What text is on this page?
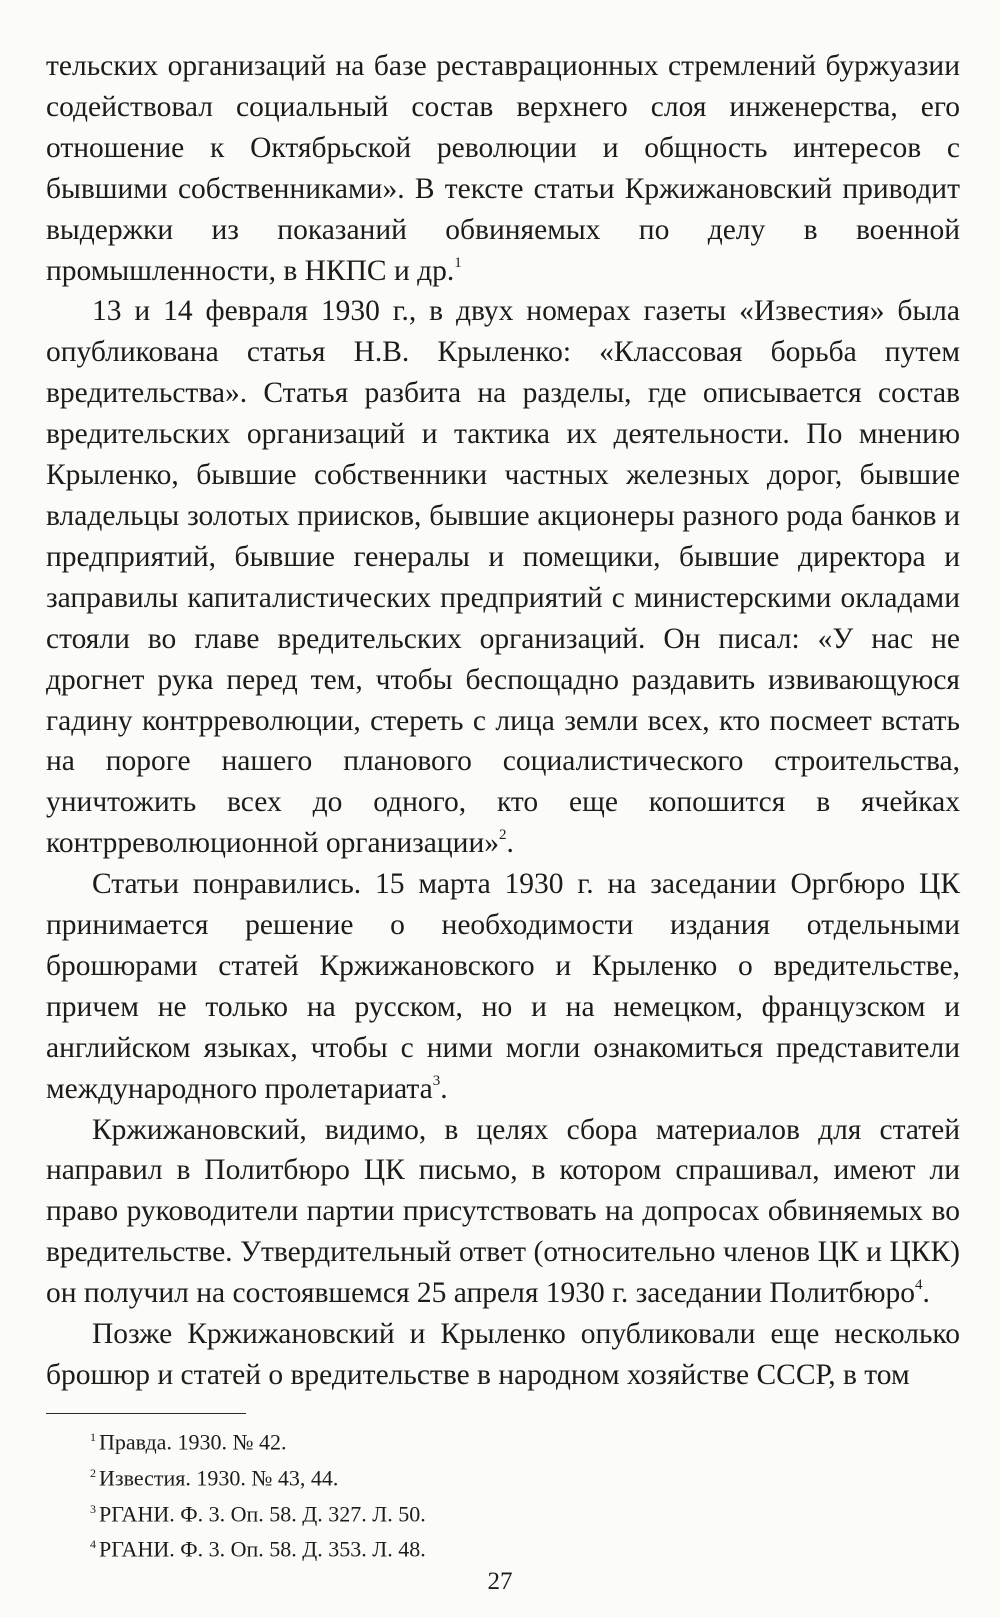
тельских организаций на базе реставрационных стремлений буржуазии содействовал социальный состав верхнего слоя инженерства, его отношение к Октябрьской революции и общность интересов с бывшими собственниками». В тексте статьи Кржижановский приводит выдержки из показаний обвиняемых по делу в военной промышленности, в НКПС и др.$^1$

13 и 14 февраля 1930 г., в двух номерах газеты «Известия» была опубликована статья Н.В. Крыленко: «Классовая борьба путем вредительства». Статья разбита на разделы, где описывается состав вредительских организаций и тактика их деятельности. По мнению Крыленко, бывшие собственники частных железных дорог, бывшие владельцы золотых приисков, бывшие акционеры разного рода банков и предприятий, бывшие генералы и помещики, бывшие директора и заправилы капиталистических предприятий с министерскими окладами стояли во главе вредительских организаций. Он писал: «У нас не дрогнет рука перед тем, чтобы беспощадно раздавить извивающуюся гадину контрреволюции, стереть с лица земли всех, кто посмеет встать на пороге нашего планового социалистического строительства, уничтожить всех до одного, кто еще копошится в ячейках контрреволюционной организации»$^2$.

Статьи понравились. 15 марта 1930 г. на заседании Оргбюро ЦК принимается решение о необходимости издания отдельными брошюрами статей Кржижановского и Крыленко о вредительстве, причем не только на русском, но и на немецком, французском и английском языках, чтобы с ними могли ознакомиться представители международного пролетариата$^3$.

Кржижановский, видимо, в целях сбора материалов для статей направил в Политбюро ЦК письмо, в котором спрашивал, имеют ли право руководители партии присутствовать на допросах обвиняемых во вредительстве. Утвердительный ответ (относительно членов ЦК и ЦКК) он получил на состоявшемся 25 апреля 1930 г. заседании Политбюро$^4$.

Позже Кржижановский и Крыленко опубликовали еще несколько брошюр и статей о вредительстве в народном хозяйстве СССР, в том

$^1$ Правда. 1930. № 42.

$^2$ Известия. 1930. № 43, 44.

$^3$ РГАНИ. Ф. 3. Оп. 58. Д. 327. Л. 50.

$^4$ РГАНИ. Ф. 3. Оп. 58. Д. 353. Л. 48.

27
